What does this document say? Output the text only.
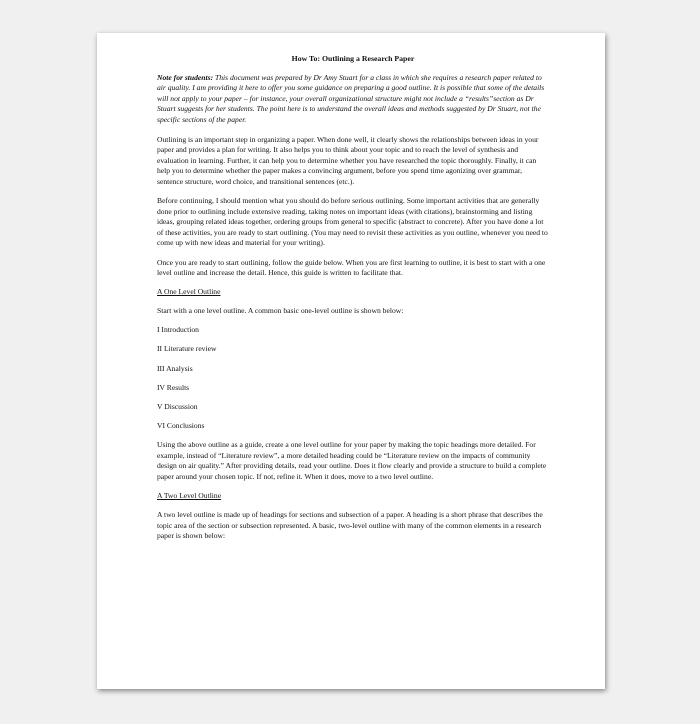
How To: Outlining a Research Paper

Note for students: This document was prepared by Dr Amy Stuart for a class in which she requires a research paper related to air quality. I am providing it here to offer you some guidance on preparing a good outline. It is possible that some of the details will not apply to your paper – for instance, your overall organizational structure might not include a “results”section as Dr Stuart suggests for her students. The point here is to understand the overall ideas and methods suggested by Dr Stuart, not the specific sections of the paper.

Outlining is an important step in organizing a paper. When done well, it clearly shows the relationships between ideas in your paper and provides a plan for writing. It also helps you to think about your topic and to reach the level of synthesis and evaluation in learning. Further, it can help you to determine whether you have researched the topic thoroughly. Finally, it can help you to determine whether the paper makes a convincing argument, before you spend time agonizing over grammar, sentence structure, word choice, and transitional sentences (etc.).

Before continuing, I should mention what you should do before serious outlining. Some important activities that are generally done prior to outlining include extensive reading, taking notes on important ideas (with citations), brainstorming and listing ideas, grouping related ideas together, ordering groups from general to specific (abstract to concrete). After you have done a lot of these activities, you are ready to start outlining. (You may need to revisit these activities as you outline, whenever you need to come up with new ideas and material for your writing).

Once you are ready to start outlining, follow the guide below. When you are first learning to outline, it is best to start with a one level outline and increase the detail. Hence, this guide is written to facilitate that.

A One Level Outline

Start with a one level outline. A common basic one-level outline is shown below:

I Introduction
II Literature review
III Analysis
IV Results
V Discussion
VI Conclusions

Using the above outline as a guide, create a one level outline for your paper by making the topic headings more detailed. For example, instead of “Literature review”, a more detailed heading could be “Literature review on the impacts of community design on air quality.” After providing details, read your outline. Does it flow clearly and provide a structure to build a complete paper around your chosen topic. If not, refine it. When it does, move to a two level outline.

A Two Level Outline

A two level outline is made up of headings for sections and subsection of a paper. A heading is a short phrase that describes the topic area of the section or subsection represented. A basic, two-level outline with many of the common elements in a research paper is shown below:
